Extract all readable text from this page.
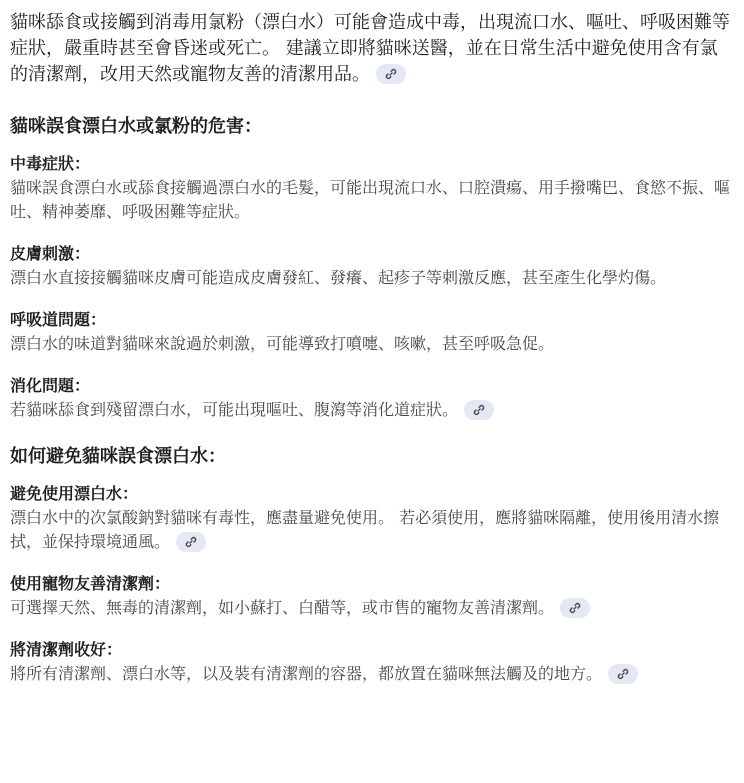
貓咪舔食或接觸到消毒用氯粉（漂白水）可能會造成中毒，出現流口水、嘔吐、呼吸困難等症狀，嚴重時甚至會昏迷或死亡。 建議立即將貓咪送醫，並在日常生活中避免使用含有氯的清潔劑，改用天然或寵物友善的清潔用品。
貓咪誤食漂白水或氯粉的危害：
中毒症狀：
貓咪誤食漂白水或舔食接觸過漂白水的毛髮，可能出現流口水、口腔潰瘍、用手撥嘴巴、食慾不振、嘔吐、精神萎靡、呼吸困難等症狀。
皮膚刺激：
漂白水直接接觸貓咪皮膚可能造成皮膚發紅、發癢、起疹子等刺激反應，甚至產生化學灼傷。
呼吸道問題：
漂白水的味道對貓咪來說過於刺激，可能導致打噴嚏、咳嗽，甚至呼吸急促。
消化問題：
若貓咪舔食到殘留漂白水，可能出現嘔吐、腹瀉等消化道症狀。
如何避免貓咪誤食漂白水：
避免使用漂白水：
漂白水中的次氯酸鈉對貓咪有毒性，應盡量避免使用。 若必須使用，應將貓咪隔離，使用後用清水擦拭，並保持環境通風。
使用寵物友善清潔劑：
可選擇天然、無毒的清潔劑，如小蘇打、白醋等，或市售的寵物友善清潔劑。
將清潔劑收好：
將所有清潔劑、漂白水等，以及裝有清潔劑的容器，都放置在貓咪無法觸及的地方。
